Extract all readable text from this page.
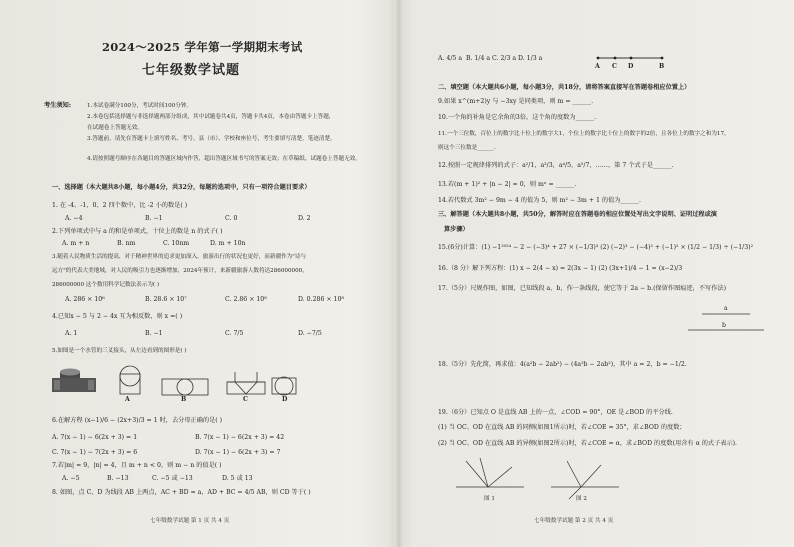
2024～2025 学年第一学期期末考试
七年级数学试题
考生须知:	1.本试卷满分100分，考试时间100分钟。
2.本卷包括选择题与非选择题两部分组成，其中试题卷共4页，答题卡共4页，本卷由答题卡上答题，
在试题卷上答题无效。
3.答题前，请先在答题卡上填写姓名、考号、县（市）、学校和座位号，考生要填写清楚，笔迹清楚。
4.请按照题号顺序在各题目的答题区域内作答，超出答题区域书写的答案无效；在草稿纸、试题卷上答题无效。
一、选择题（本大题共8小题，每小题4分，共32分，每题的选项中，只有一项符合题目要求）
1. 在 -4、-1、0、2 四个数中，比 -2 小的数是( )
A. −4	B. −1	C. 0	D. 2
2.下列单项式中与 a 的和是单项式，十位上的数是 n 的式子( )
A. m + n	B. nm	C. 10nm	D. m + 10n
3.随着人民物质生活的提高，对于精神世界的追求更加深入。旅游出行的状况也更好，而新疆作为"诗与
远方"的代表大美地域，对人民的吸引力也逐渐增加，2024年预计，来新疆旅游人数将达286000000，
286000000 这个数用科学记数法表示为( )
A. 286 × 10⁶	B. 28.6 × 10⁷	C. 2.86 × 10⁸	D. 0.286 × 10⁸
4.已知x − 5 与 2 − 4x 互为相反数，则 x =( )
A. 1	B. −1	C. 7/5	D. −7/5
5.如图是一个水管的三叉接头，从左边看到的图形是( )
A	B	C	D
6.在解方程 (x−1)/6 − (2x+3)/3 = 1 时，去分母正确的是( )
A. 7(x − 1) − 6(2x + 3) = 1	B. 7(x − 1) − 6(2x + 3) = 42
C. 7(x − 1) − 7(2x + 3) = 6	D. 7(x − 1) − 6(2x + 3) = 7
7.若|m| = 9，|n| = 4，且 m + n < 0，则 m − n 的值是( )
A. −5	B. −13	C. −5 或 −13	D. 5 或 13
8. 如图，点 C、D 为线段 AB 上两点，AC + BD = a，AD + BC = 4/5 AB，则 CD 等于( )
七年级数学试题 第 1 页 共 4 页
A. 4/5 a B. 1/4 a C. 2/3 a D. 1/3 a
A C D	B
二、填空题（本大题共6小题，每小题3分，共18分，请将答案直接写在答题卷相应位置上）
9.如果 x^(m+2)y 与 −3xy 是同类项，则 m = ______.
10.一个角的补角是它余角的3倍，这个角的度数为______.
11.一个三位数，百位上的数字比十位上的数字大1，个位上的数字比十位上的数字的2倍，且各位上的数字之和为17，
则这个三位数是______.
12.按照一定规律排列的式子：a²/1，a³/3，a⁴/5，a⁵/7，……，第 7 个式子是______.
13.若(m + 1)² + |n − 2| = 0，则 mⁿ = ______.
14.若代数式 3m² − 9m − 4 的值为 5，则 m² − 3m + 1 的值为______.
三、解答题（本大题共8小题，共50分，解答时应在答题卷的相应位置处写出文字说明、证明过程或演
算步骤）
15.(6分)计算：(1) −1²⁰²⁴ − 2 − (−3)⁴ + 27 × (−1/3)³ (2) (−2)³ − (−4)² + (−1)² × (1/2 − 1/3) ÷ (−1/3)²
16.（8 分）解下列方程：(1) x − 2(4 − x) = 2(3x − 1) (2) (3x+1)/4 − 1 = (x−2)/3
17.（5分）尺规作图，如图，已知线段 a、b，作一条线段，使它等于 2a − b.(保留作图痕迹，不写作法)
a
b
18.（5分）先化简，再求值：4(a²b − 2ab²) − (4a²b − 2ab²)，其中 a = 2，b = −1/2.
19.（6分）已知点 O 是直线 AB 上的一点，∠COD = 90°，OE 是∠BOD 的平分线.
(1) 当 OC、OD 在直线 AB 的同侧(如图1所示)时，若∠COE = 35°，求∠BOD 的度数；
(2) 当 OC、OD 在直线 AB 的异侧(如图2所示)时，若∠COE = α，求∠BOD 的度数(用含有 α 的式子表示).
图 1	图 2
七年级数学试题 第 2 页 共 4 页
